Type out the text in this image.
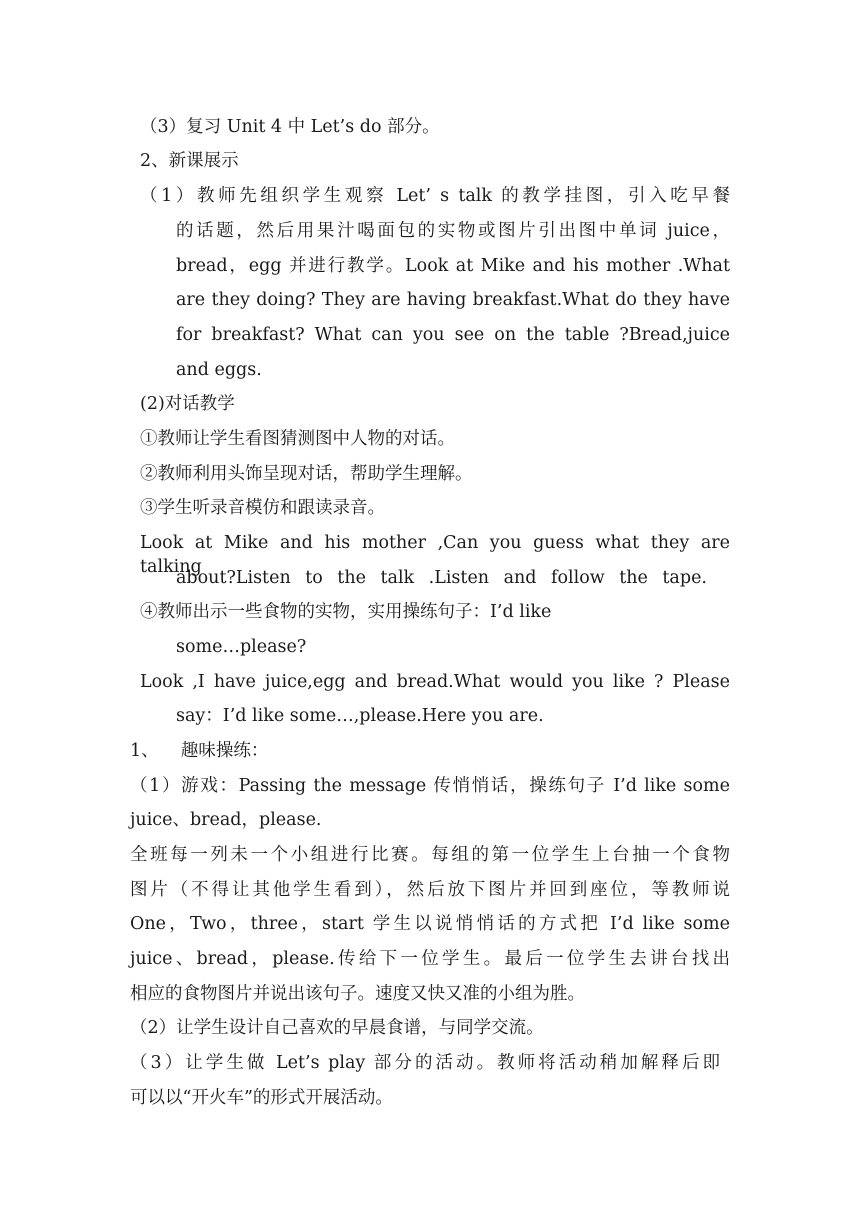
（3）复习 Unit 4 中 Let’s do 部分。
2、新课展示
（1）教师先组织学生观察 Let’ s talk 的教学挂图，引入吃早餐
的话题，然后用果汁喝面包的实物或图片引出图中单词 juice，
bread，egg 并进行教学。Look at Mike and his mother .What
are they doing? They are having breakfast.What do they have
for breakfast? What can you see on the table ?Bread,juice
and eggs.
(2)对话教学
①教师让学生看图猜测图中人物的对话。
②教师利用头饰呈现对话，帮助学生理解。
③学生听录音模仿和跟读录音。
Look at Mike and his mother ,Can you guess what they are talking
about?Listen to the talk .Listen and follow the tape.
④教师出示一些食物的实物，实用操练句子：I’d like
some…please?
Look ,I have juice,egg and bread.What would you like ? Please
say：I’d like some…,please.Here you are.
1、    趣味操练：
（1）游戏：Passing the message 传悄悄话，操练句子 I’d like some
juice、bread，please.
全班每一列未一个小组进行比赛。每组的第一位学生上台抽一个食物
图片（不得让其他学生看到），然后放下图片并回到座位，等教师说
One，Two，three，start 学生以说悄悄话的方式把 I’d like some
juice、bread，please.传给下一位学生。最后一位学生去讲台找出
相应的食物图片并说出该句子。速度又快又准的小组为胜。
（2）让学生设计自己喜欢的早晨食谱，与同学交流。
（3）让学生做 Let’s play 部分的活动。教师将活动稍加解释后即
可以以“开火车”的形式开展活动。
